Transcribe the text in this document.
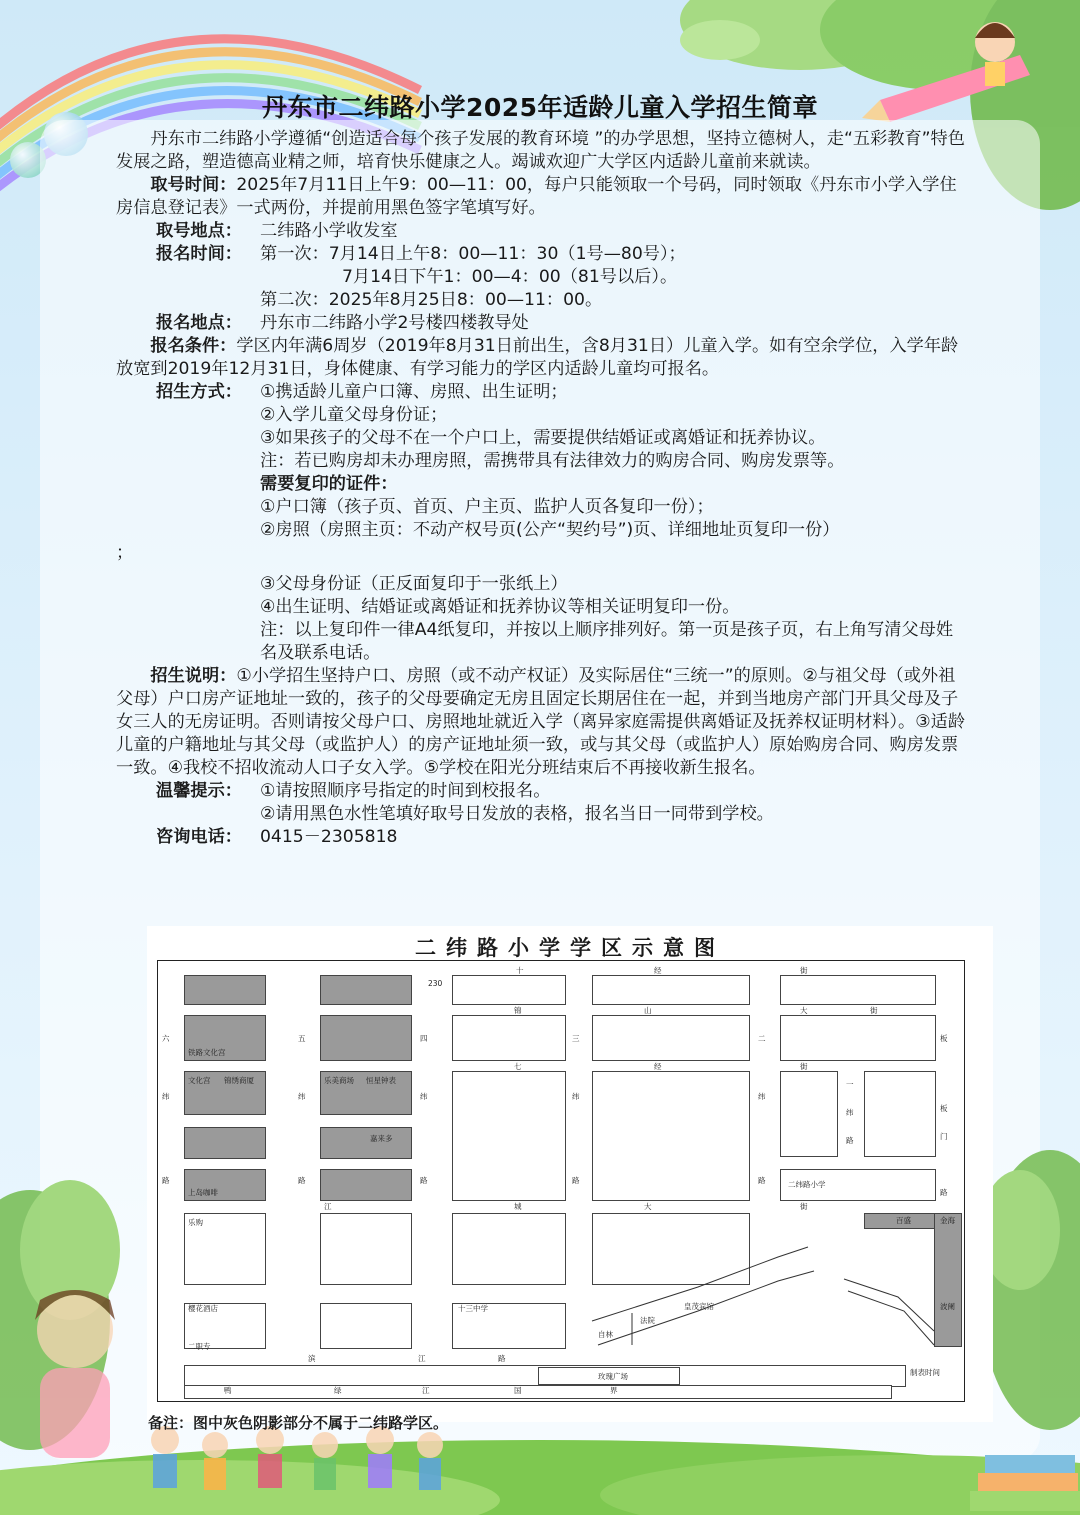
丹东市二纬路小学2025年适龄儿童入学招生简章

丹东市二纬路小学遵循“创造适合每个孩子发展的教育环境 ”的办学思想，坚持立德树人，走“五彩教育”特色发展之路，塑造德高业精之师，培育快乐健康之人。竭诚欢迎广大学区内适龄儿童前来就读。

取号时间：2025年7月11日上午9：00—11：00，每户只能领取一个号码，同时领取《丹东市小学入学住房信息登记表》一式两份，并提前用黑色签字笔填写好。

取号地点：	二纬路小学收发室
报名时间：	第一次：7月14日上午8：00—11：30（1号—80号）；
7月14日下午1：00—4：00（81号以后）。
第二次：2025年8月25日8：00—11：00。
报名地点：	丹东市二纬路小学2号楼四楼教导处

报名条件：学区内年满6周岁（2019年8月31日前出生，含8月31日）儿童入学。如有空余学位，入学年龄放宽到2019年12月31日，身体健康、有学习能力的学区内适龄儿童均可报名。

招生方式：	①携适龄儿童户口簿、房照、出生证明；
②入学儿童父母身份证；
③如果孩子的父母不在一个户口上，需要提供结婚证或离婚证和抚养协议。
注：若已购房却未办理房照，需携带具有法律效力的购房合同、购房发票等。
需要复印的证件：
①户口簿（孩子页、首页、户主页、监护人页各复印一份）；
②房照（房照主页：不动产权号页(公产“契约号”)页、详细地址页复印一份）
；
③父母身份证（正反面复印于一张纸上）
④出生证明、结婚证或离婚证和抚养协议等相关证明复印一份。
注：以上复印件一律A4纸复印，并按以上顺序排列好。第一页是孩子页，右上角写清父母姓名及联系电话。

招生说明：①小学招生坚持户口、房照（或不动产权证）及实际居住“三统一”的原则。②与祖父母（或外祖父母）户口房产证地址一致的，孩子的父母要确定无房且固定长期居住在一起，并到当地房产部门开具父母及子女三人的无房证明。否则请按父母户口、房照地址就近入学（离异家庭需提供离婚证及抚养权证明材料）。③适龄儿童的户籍地址与其父母（或监护人）的房产证地址须一致，或与其父母（或监护人）原始购房合同、购房发票一致。④我校不招收流动人口子女入学。⑤学校在阳光分班结束后不再接收新生报名。

温馨提示：	①请按照顺序号指定的时间到校报名。
②请用黑色水性笔填好取号日发放的表格，报名当日一同带到学校。
咨询电话：	0415－2305818
二纬路小学学区示意图
230
铁路文化宫
文化宫 锦绣商厦	乐美商场 恒星钟表
嘉来多
上岛咖啡
乐购
樱花酒店
二职专
十三中学
二纬路小学
百盛	金海
波阑
法院
皇茂宾馆
自林
玫瑰广场	制表时间
十	经	街
锦	山	大	街
七	经	街
江	城	大	街
滨	江	路
鸭	绿	江	国	界
六
纬
路
五
纬
路
四
纬
路
三
纬
路
二
纬
路
一
纬
路
板
板
门
路
备注：图中灰色阴影部分不属于二纬路学区。
